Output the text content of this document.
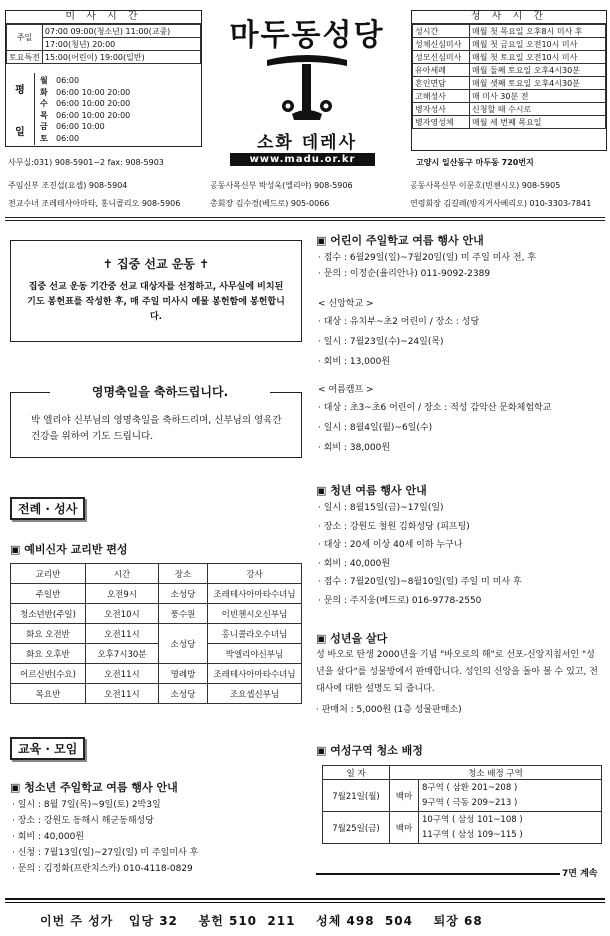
미 사 시 간
주일	07:00 09:00(청소년) 11:00(교중)
	17:00(청년) 20:00
토요특전	15:00(어린이) 19:00(일반)
평
일
월 06:00
화 06:00 10:00 20:00
수 06:00 10:00 20:00
목 06:00 10:00 20:00
금 06:00 10:00
토 06:00
마두동성당
소화 데레사
www.madu.or.kr
성 사 시 간
성시간	매월 첫 목요일 오후8시 미사 후
성체신심미사	매월 첫 금요일 오전10시 미사
성모신심미사	매월 첫 토요일 오전10시 미사
유아세례	매월 둘째 토요일 오후4시30분
혼인면담	매월 셋째 토요일 오후4시30분
고해성사	매 미사 30분 전
병자성사	신청할 때 수시로
병자영성체	매월 세 번째 목요일
사무실:031) 908-5901~2 fax: 908-5903	고양시 일산동구 마두동 720번지
주임신부 조진섭(요셉) 908-5904	공동사목신부 박성욱(엘리야) 908-5906	공동사목신부 이문호(빈첸시오) 908-5905
전교수녀 조레테사아마타, 홍니콜리오 908-5906	총회장 김수경(베드로) 905-0066	연령회장 김길례(방지거사베리오) 010-3303-7841
✝ 집중 선교 운동 ✝
집중 선교 운동 기간중 선교 대상자를 선정하고, 사무실에 비치된 기도 봉헌표를 작성한 후, 매 주일 미사시 예물 봉헌함에 봉헌합니다.
영명축일을 축하드립니다.
박 엘리야 신부님의 영명축일을 축하드리며, 신부님의 영육간 건강을 위하여 기도 드립니다.
전례 · 성사
▣ 예비신자 교리반 편성
교리반	시간	장소	강사
주일반	오전9시	소성당	조레테사아마타수녀님
청소년반(주일)	오전10시	풍수원	이빈첸시오신부님
화요 오전반	오전11시	소성당	홍니콜라오수녀님
화요 오후반	오후7시30분		박엘리야신부님
어르신반(수요)	오전11시	명례방	조레테사아마타수녀님
목요반	오전11시	소성당	조요셉신부님
교육 · 모임
▣ 청소년 주일학교 여름 행사 안내
· 일시 : 8월 7일(목)~9일(토) 2박3일
· 장소 : 강원도 동해시 해군동해성당
· 회비 : 40,000원
· 신청 : 7월13일(일)~27일(일) 미 주일미사 후
· 문의 : 김정화(프란치스카) 010-4118-0829
▣ 어린이 주일학교 여름 행사 안내
· 접수 : 6월29일(일)~7월20일(일) 미 주일 미사 전, 후
· 문의 : 이정순(율리안나) 011-9092-2389
< 신앙학교 >
· 대상 : 유치부~초2 어린이 / 장소 : 성당
· 일시 : 7월23일(수)~24일(목)
· 회비 : 13,000원
< 여름캠프 >
· 대상 : 초3~초6 어린이 / 장소 : 적성 감악산 문화체험학교
· 일시 : 8월4일(월)~6일(수)
· 회비 : 38,000원
▣ 청년 여름 행사 안내
· 일시 : 8월15일(금)~17일(일)
· 장소 : 강원도 철원 김화성당 (피프팅)
· 대상 : 20세 이상 40세 이하 누구나
· 회비 : 40,000원
· 접수 : 7월20일(일)~8월10일(일) 주일 미 미사 후
· 문의 : 주지웅(베드로) 016-9778-2550
▣ 성년을 살다
성 바오로 탄생 2000년을 기념 "바오로의 해"로 선포-신앙지침서인 "성년을 살다"를 성물방에서 판매합니다. 성인의 신앙을 돌아 볼 수 있고, 전대사에 대한 설명도 되 줍니다.
· 판매처 : 5,000원 (1층 성물판매소)
▣ 여성구역 청소 배정
일 자	청소 배정 구역	
7월21일(월)	백마	8구역 ( 삼환 201~208 )
9구역 ( 극동 209~213 )

7월25일(금)	백마	10구역 ( 삼성 101~108 )
11구역 ( 삼성 109~115 )
7면 계속
이번 주 성가   입당 32    봉헌 510  211    성체 498  504    퇴장 68
